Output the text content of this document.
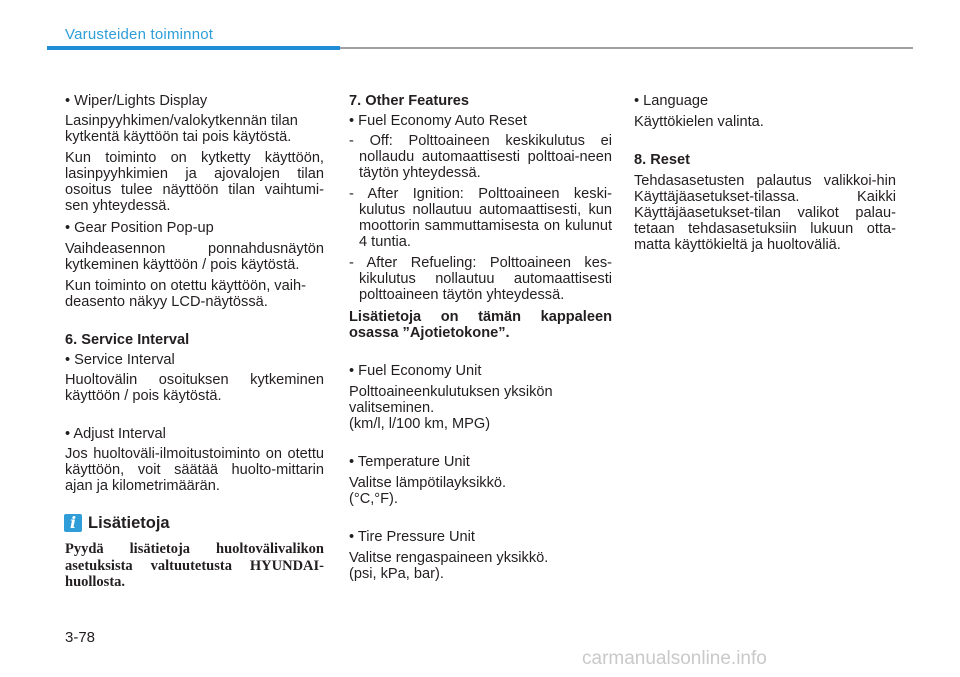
Varusteiden toiminnot

• Wiper/Lights Display

Lasinpyyhkimen/valokytkennän tilan kytkentä käyttöön tai pois käytöstä.

Kun toiminto on kytketty käyttöön, lasinpyyhkimien ja ajovalojen tilan osoitus tulee näyttöön tilan vaihtumi-sen yhteydessä.

• Gear Position Pop-up

Vaihdeasennon ponnahdusnäytön kytkeminen käyttöön / pois käytöstä.

Kun toiminto on otettu käyttöön, vaih-deasento näkyy LCD-näytössä.

6. Service Interval

• Service Interval

Huoltovälin osoituksen kytkeminen käyttöön / pois käytöstä.

• Adjust Interval

Jos huoltoväli-ilmoitustoiminto on otettu käyttöön, voit säätää huolto-mittarin ajan ja kilometrimäärän.

i Lisätietoja

Pyydä lisätietoja huoltovälivalikon asetuksista valtuutetusta HYUNDAI-huollosta.

7. Other Features

• Fuel Economy Auto Reset

- Off: Polttoaineen keskikulutus ei nollaudu automaattisesti polttoai-neen täytön yhteydessä.

- After Ignition: Polttoaineen keski-kulutus nollautuu automaattisesti, kun moottorin sammuttamisesta on kulunut 4 tuntia.

- After Refueling: Polttoaineen kes-kikulutus nollautuu automaattisesti polttoaineen täytön yhteydessä.

Lisätietoja on tämän kappaleen osassa ”Ajotietokone”.

• Fuel Economy Unit

Polttoaineenkulutuksen yksikön valitseminen.

(km/l, l/100 km, MPG)

• Temperature Unit

Valitse lämpötilayksikkö.

(°C,°F).

• Tire Pressure Unit

Valitse rengaspaineen yksikkö.

(psi, kPa, bar).

• Language

Käyttökielen valinta.

8. Reset

Tehdasasetusten palautus valikkoi-hin Käyttäjäasetukset-tilassa. Kaikki Käyttäjäasetukset-tilan valikot palau-tetaan tehdasasetuksiin lukuun otta-matta käyttökieltä ja huoltoväliä.

3-78
carmanualsonline.info
